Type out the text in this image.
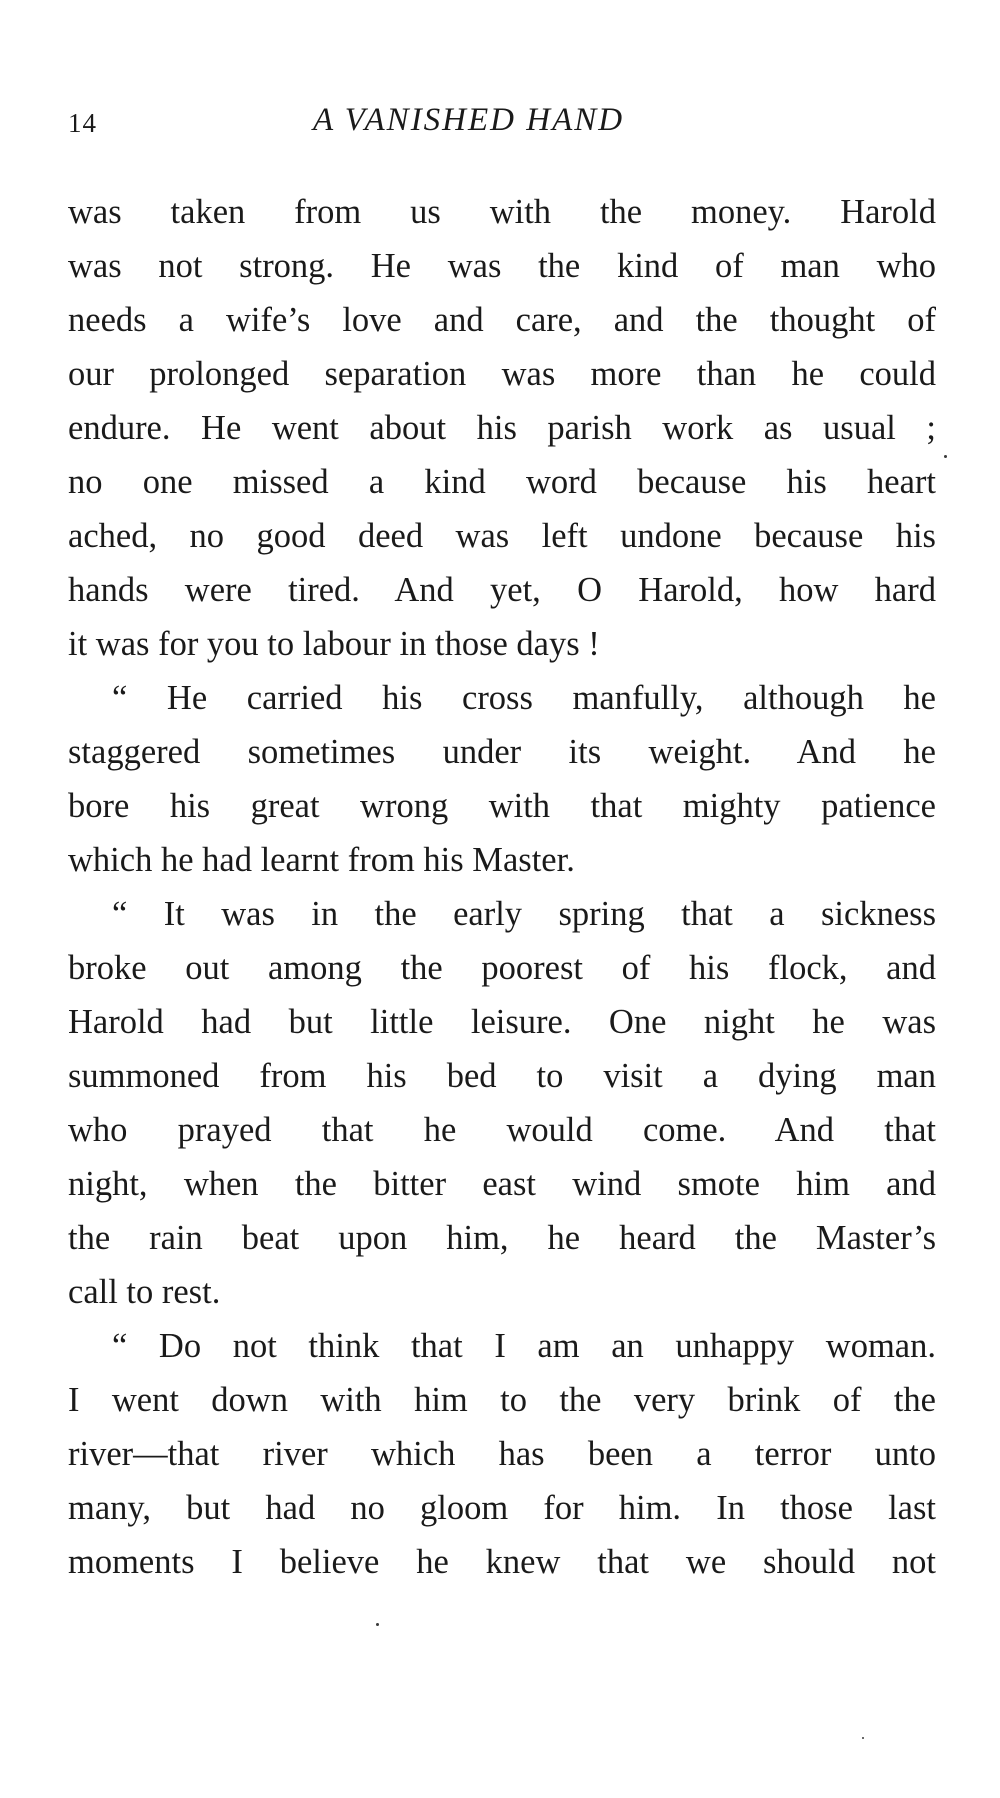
14	A VANISHED HAND
was taken from us with the money. Harold
was not strong. He was the kind of man who
needs a wife’s love and care, and the thought of
our prolonged separation was more than he could
endure. He went about his parish work as usual ;
no one missed a kind word because his heart
ached, no good deed was left undone because his
hands were tired. And yet, O Harold, how hard
it was for you to labour in those days !
“ He carried his cross manfully, although he
staggered sometimes under its weight. And he
bore his great wrong with that mighty patience
which he had learnt from his Master.
“ It was in the early spring that a sickness
broke out among the poorest of his flock, and
Harold had but little leisure. One night he was
summoned from his bed to visit a dying man
who prayed that he would come. And that
night, when the bitter east wind smote him and
the rain beat upon him, he heard the Master’s
call to rest.
“ Do not think that I am an unhappy woman.
I went down with him to the very brink of the
river—that river which has been a terror unto
many, but had no gloom for him. In those last
moments I believe he knew that we should not
